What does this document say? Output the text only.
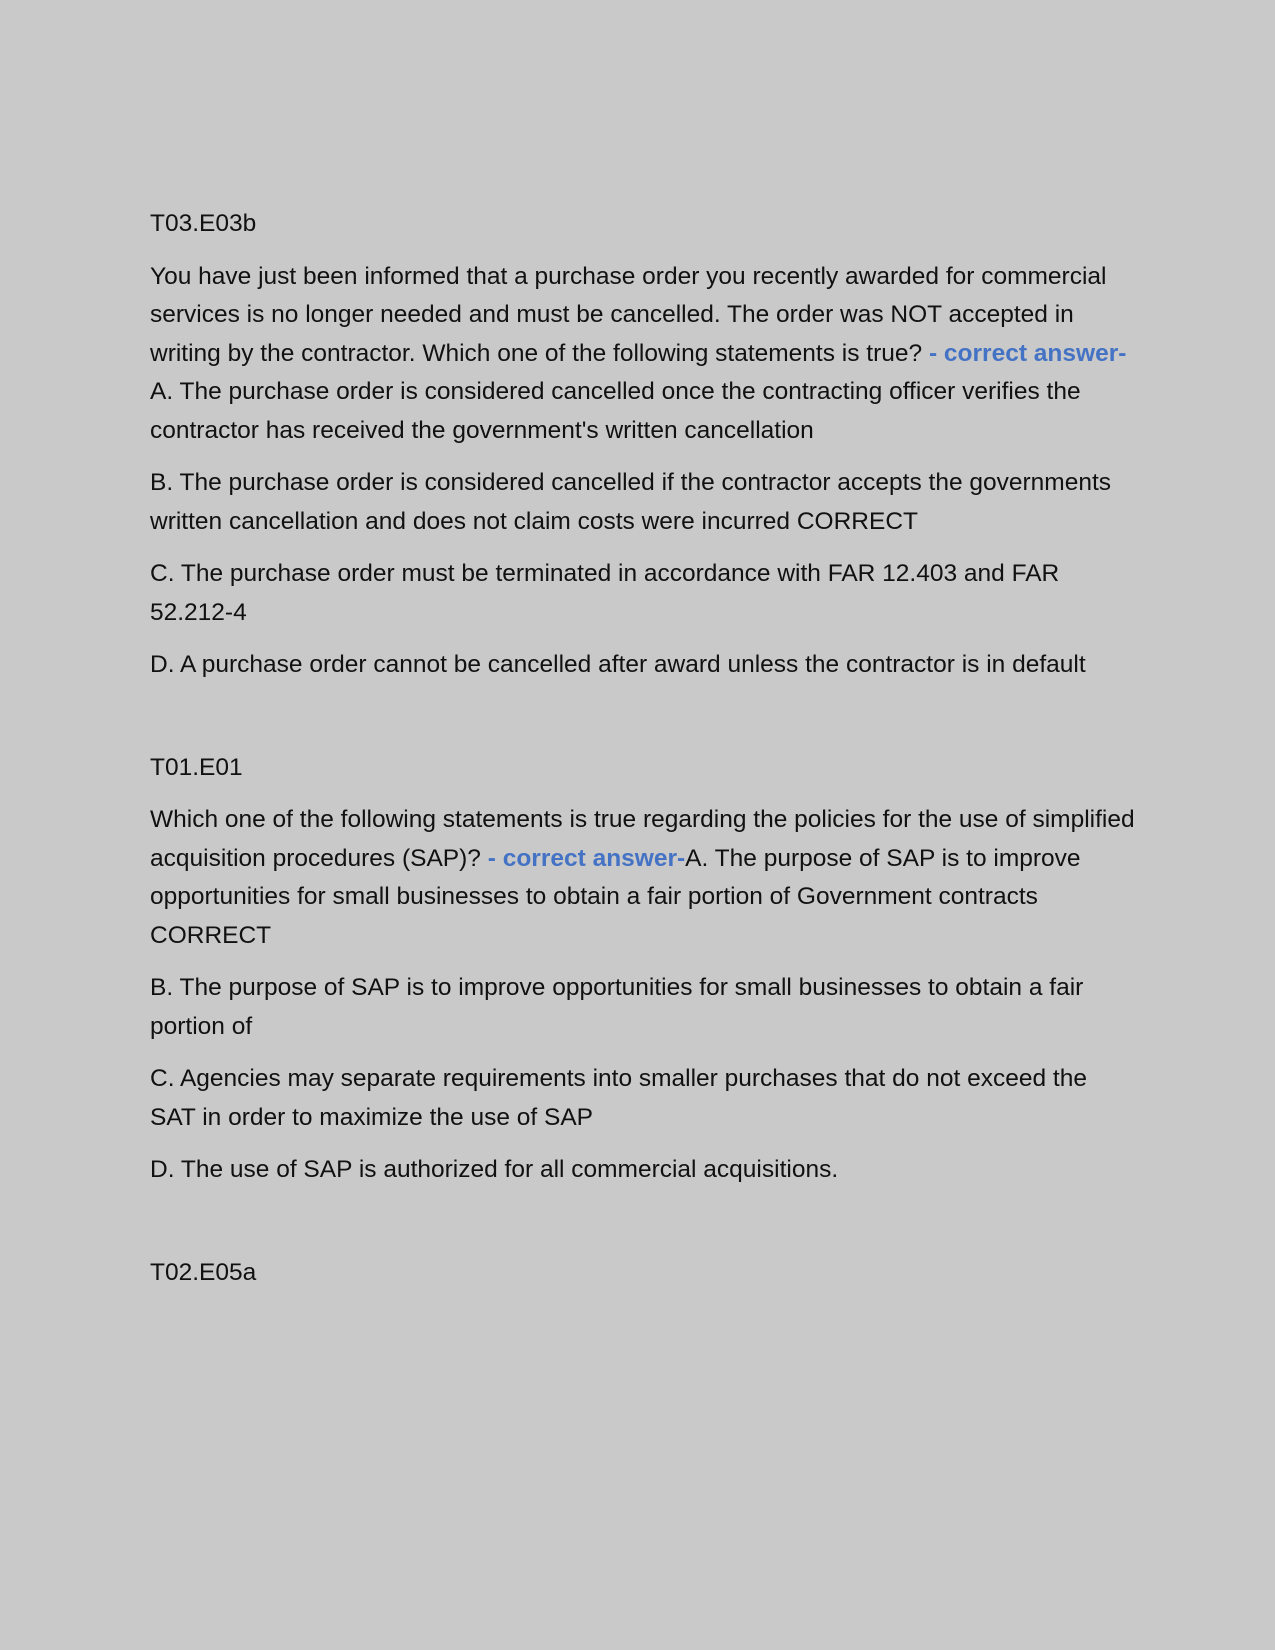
T03.E03b

You have just been informed that a purchase order you recently awarded for commercial services is no longer needed and must be cancelled. The order was NOT accepted in writing by the contractor. Which one of the following statements is true? - correct answer-A. The purchase order is considered cancelled once the contracting officer verifies the contractor has received the government's written cancellation

B. The purchase order is considered cancelled if the contractor accepts the governments written cancellation and does not claim costs were incurred CORRECT

C. The purchase order must be terminated in accordance with FAR 12.403 and FAR 52.212-4

D. A purchase order cannot be cancelled after award unless the contractor is in default

T01.E01

Which one of the following statements is true regarding the policies for the use of simplified acquisition procedures (SAP)? - correct answer-A. The purpose of SAP is to improve opportunities for small businesses to obtain a fair portion of Government contracts CORRECT

B. The purpose of SAP is to improve opportunities for small businesses to obtain a fair portion of

C. Agencies may separate requirements into smaller purchases that do not exceed the SAT in order to maximize the use of SAP

D. The use of SAP is authorized for all commercial acquisitions.

T02.E05a
